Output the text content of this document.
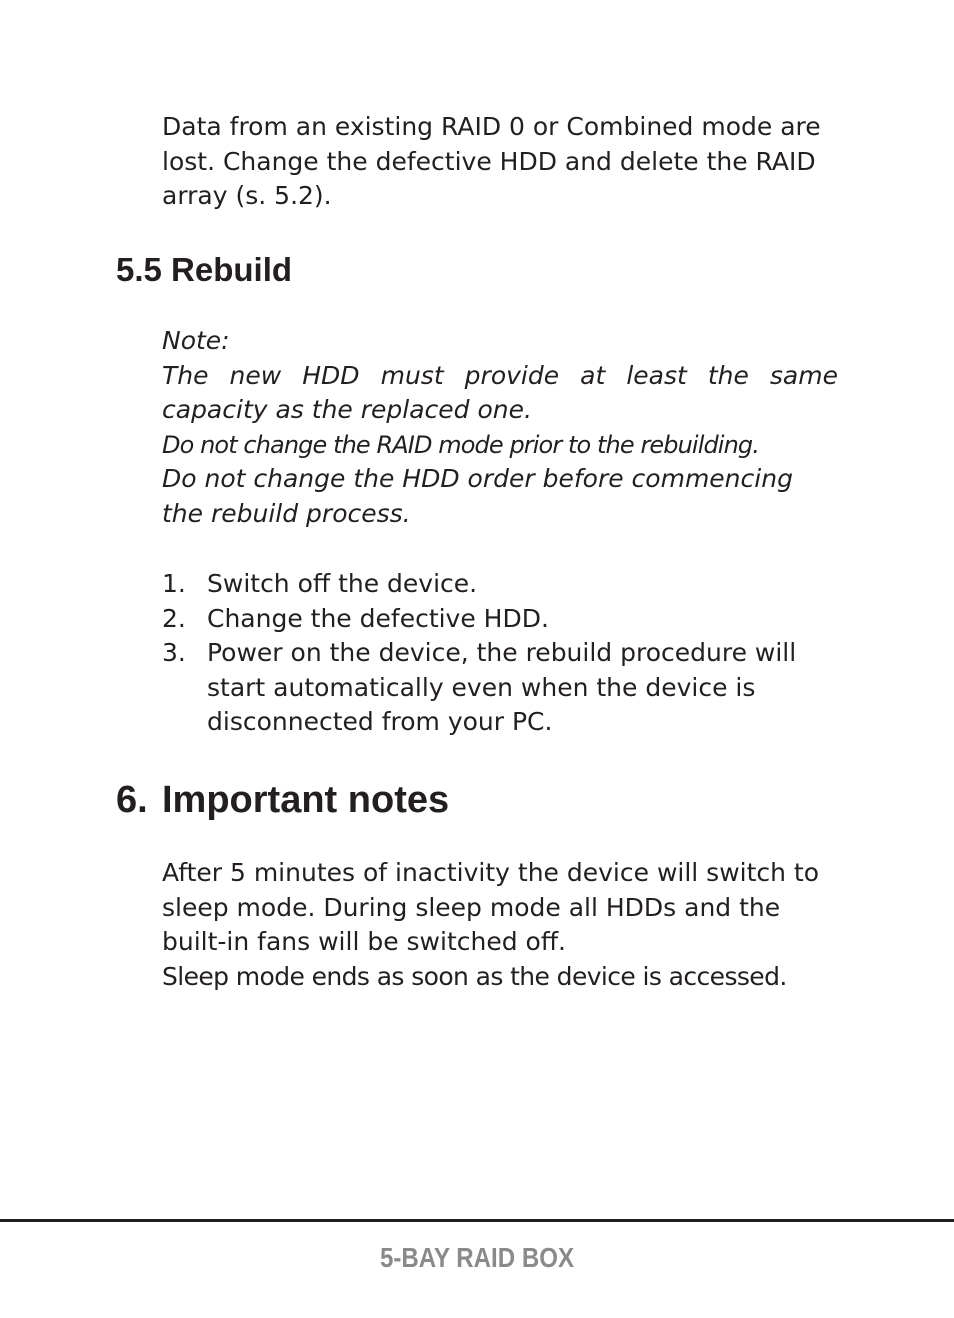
Data from an existing RAID 0 or Combined mode are lost. Change the defective HDD and delete the RAID array (s. 5.2).

5.5 Rebuild
Note:
The new HDD must provide at least the same
capacity as the replaced one.
Do not change the RAID mode prior to the rebuilding.
Do not change the HDD order before commencing
the rebuild process.
1. Switch off the device.
2. Change the defective HDD.
3. Power on the device, the rebuild procedure will start automatically even when the device is disconnected from your PC.
6. Important notes
After 5 minutes of inactivity the device will switch to sleep mode. During sleep mode all HDDs and the built-in fans will be switched off.
Sleep mode ends as soon as the device is accessed.
5-BAY RAID BOX
